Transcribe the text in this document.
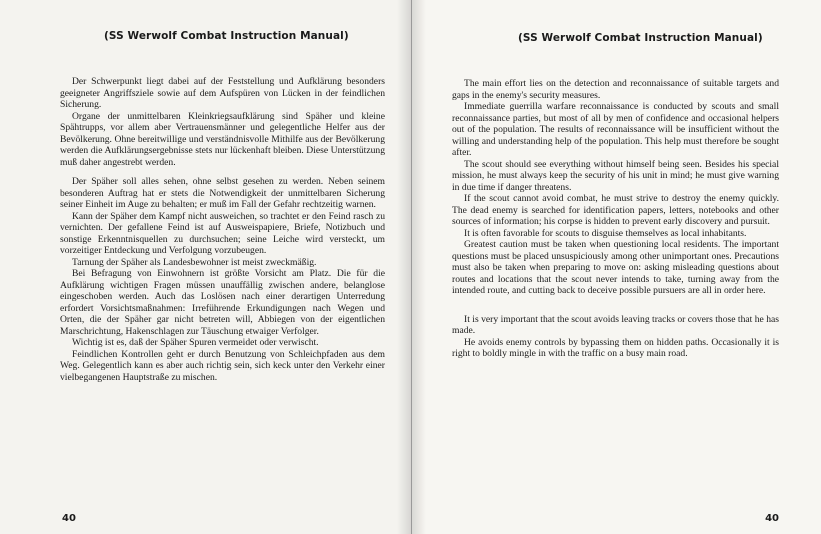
(SS Werwolf Combat Instruction Manual)

Der Schwerpunkt liegt dabei auf der Feststellung und Aufklärung besonders geeigneter Angriffsziele sowie auf dem Aufspüren von Lücken in der feindlichen Sicherung.

Organe der unmittelbaren Kleinkriegsaufklärung sind Späher und kleine Spähtrupps, vor allem aber Vertrauensmänner und gelegentliche Helfer aus der Bevölkerung. Ohne bereitwillige und verständnisvolle Mithilfe aus der Bevölkerung werden die Aufklärungsergebnisse stets nur lückenhaft bleiben. Diese Unterstützung muß daher angestrebt werden.

Der Späher soll alles sehen, ohne selbst gesehen zu werden. Neben seinem besonderen Auftrag hat er stets die Notwendigkeit der unmittelbaren Sicherung seiner Einheit im Auge zu behalten; er muß im Fall der Gefahr rechtzeitig warnen.

Kann der Späher dem Kampf nicht ausweichen, so trachtet er den Feind rasch zu vernichten. Der gefallene Feind ist auf Ausweispapiere, Briefe, Notizbuch und sonstige Erkenntnisquellen zu durchsuchen; seine Leiche wird versteckt, um vorzeitiger Entdeckung und Verfolgung vorzubeugen.

Tarnung der Späher als Landesbewohner ist meist zweckmäßig.

Bei Befragung von Einwohnern ist größte Vorsicht am Platz. Die für die Aufklärung wichtigen Fragen müssen unauffällig zwischen andere, belanglose eingeschoben werden. Auch das Loslösen nach einer derartigen Unterredung erfordert Vorsichtsmaßnahmen: Irreführende Erkundigungen nach Wegen und Orten, die der Späher gar nicht betreten will, Abbiegen von der eigentlichen Marschrichtung, Hakenschlagen zur Täuschung etwaiger Verfolger.

Wichtig ist es, daß der Späher Spuren vermeidet oder verwischt.

Feindlichen Kontrollen geht er durch Benutzung von Schleichpfaden aus dem Weg. Gelegentlich kann es aber auch richtig sein, sich keck unter den Verkehr einer vielbegangenen Hauptstraße zu mischen.

40
(SS Werwolf Combat Instruction Manual)

The main effort lies on the detection and reconnaissance of suitable targets and gaps in the enemy's security measures.

Immediate guerrilla warfare reconnaissance is conducted by scouts and small reconnaissance parties, but most of all by men of confidence and occasional helpers out of the population. The results of reconnaissance will be insufficient without the willing and understanding help of the population. This help must therefore be sought after.

The scout should see everything without himself being seen. Besides his special mission, he must always keep the security of his unit in mind; he must give warning in due time if danger threatens.

If the scout cannot avoid combat, he must strive to destroy the enemy quickly. The dead enemy is searched for identification papers, letters, notebooks and other sources of information; his corpse is hidden to prevent early discovery and pursuit.

It is often favorable for scouts to disguise themselves as local inhabitants.

Greatest caution must be taken when questioning local residents. The important questions must be placed unsuspiciously among other unimportant ones. Precautions must also be taken when preparing to move on: asking misleading questions about routes and locations that the scout never intends to take, turning away from the intended route, and cutting back to deceive possible pursuers are all in order here.

It is very important that the scout avoids leaving tracks or covers those that he has made.

He avoids enemy controls by bypassing them on hidden paths. Occasionally it is right to boldly mingle in with the traffic on a busy main road.

40
